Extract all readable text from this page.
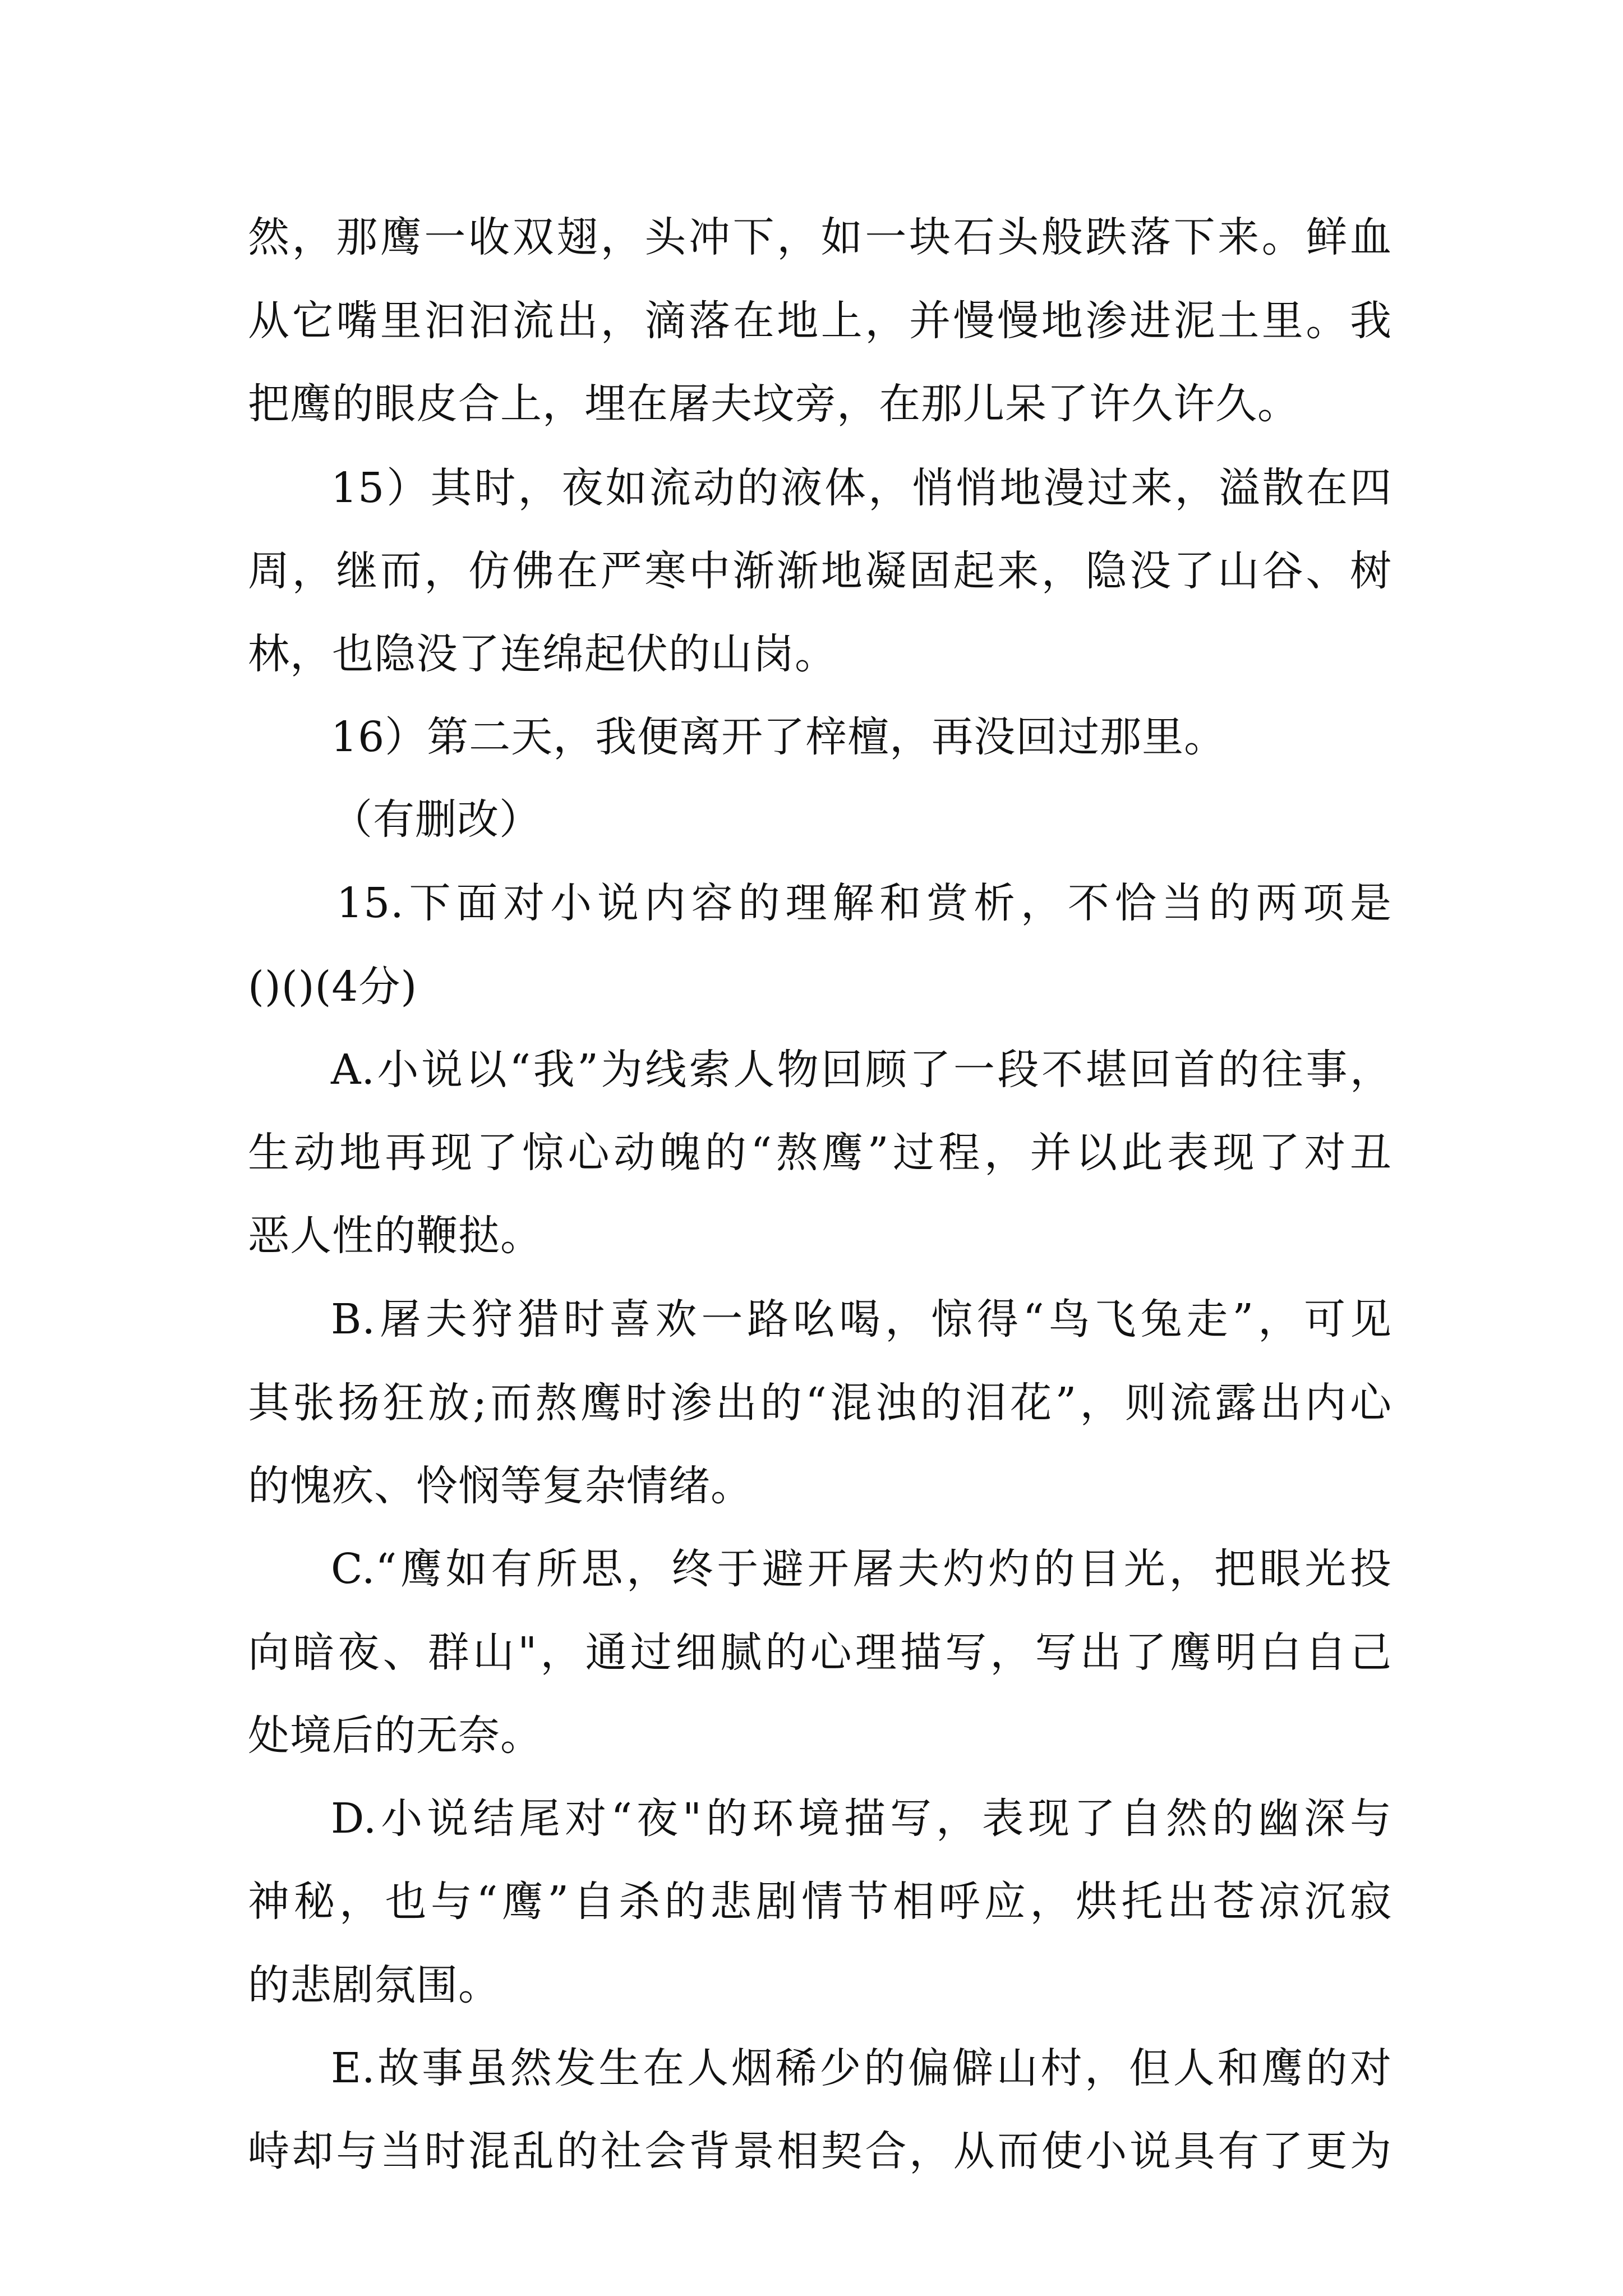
然，那鹰一收双翅，头冲下，如一块石头般跌落下来。鲜血
从它嘴里汩汩流出，滴落在地上，并慢慢地渗进泥土里。我
把鹰的眼皮合上，埋在屠夫坟旁，在那儿呆了许久许久。
15）其时，夜如流动的液体，悄悄地漫过来，溢散在四
周，继而，仿佛在严寒中渐渐地凝固起来，隐没了山谷、树
林，也隐没了连绵起伏的山岗。
16）第二天，我便离开了梓檀，再没回过那里。
（有删改）
15.下面对小说内容的理解和赏析，不恰当的两项是
()()(4分)
A.小说以“我”为线索人物回顾了一段不堪回首的往事，
生动地再现了惊心动魄的“熬鹰”过程，并以此表现了对丑
恶人性的鞭挞。
B.屠夫狩猎时喜欢一路吆喝，惊得“鸟飞兔走”，可见
其张扬狂放;而熬鹰时渗出的“混浊的泪花”，则流露出内心
的愧疚、怜悯等复杂情绪。
C.“鹰如有所思，终于避开屠夫灼灼的目光，把眼光投
向暗夜、群山"，通过细腻的心理描写，写出了鹰明白自己
处境后的无奈。
D.小说结尾对“夜"的环境描写，表现了自然的幽深与
神秘，也与“鹰”自杀的悲剧情节相呼应，烘托出苍凉沉寂
的悲剧氛围。
E.故事虽然发生在人烟稀少的偏僻山村，但人和鹰的对
峙却与当时混乱的社会背景相契合，从而使小说具有了更为
